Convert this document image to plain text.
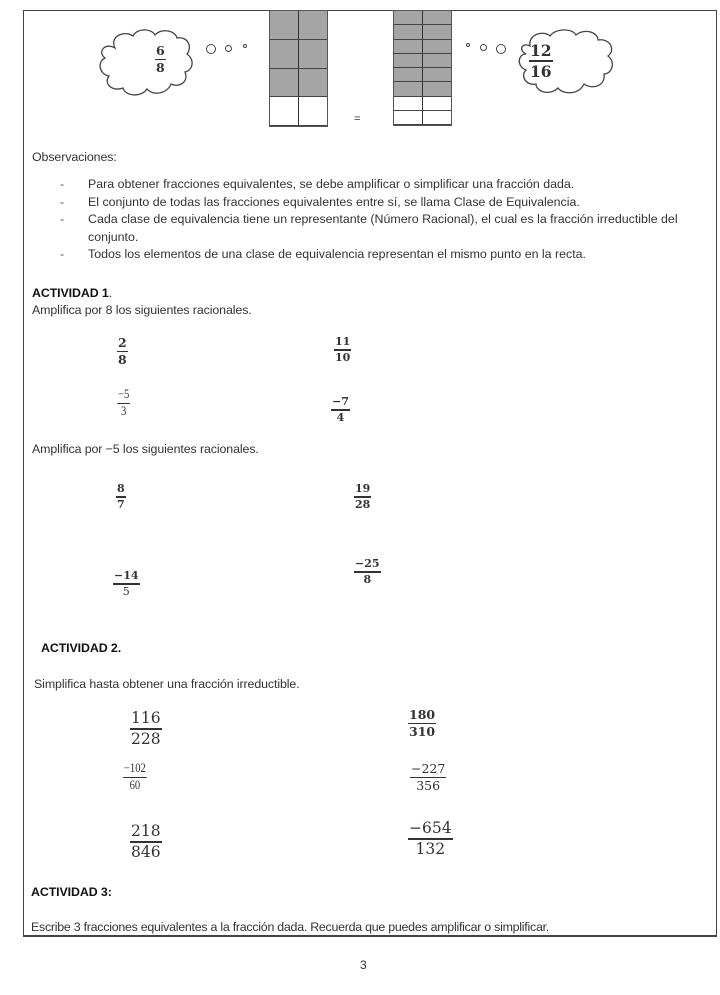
6
8
=
12
16
Observaciones:
- Para obtener fracciones equivalentes, se debe amplificar o simplificar una fracción dada.
- El conjunto de todas las fracciones equivalentes entre sí, se llama Clase de Equivalencia.
- Cada clase de equivalencia tiene un representante (Número Racional), el cual es la fracción irreductible del conjunto.
- Todos los elementos de una clase de equivalencia representan el mismo punto en la recta.
ACTIVIDAD 1.
Amplifica por 8 los siguientes racionales.
2
8
11
10
−5
3
−7
4
Amplifica por −5 los siguientes racionales.
8
7
19
28
−14
5
−25
8
ACTIVIDAD 2.
Simplifica hasta obtener una fracción irreductible.
116
228
180
310
−102
60
−227
356
218
846
−654
132
ACTIVIDAD 3:
Escribe 3 fracciones equivalentes a la fracción dada. Recuerda que puedes amplificar o simplificar.
3
